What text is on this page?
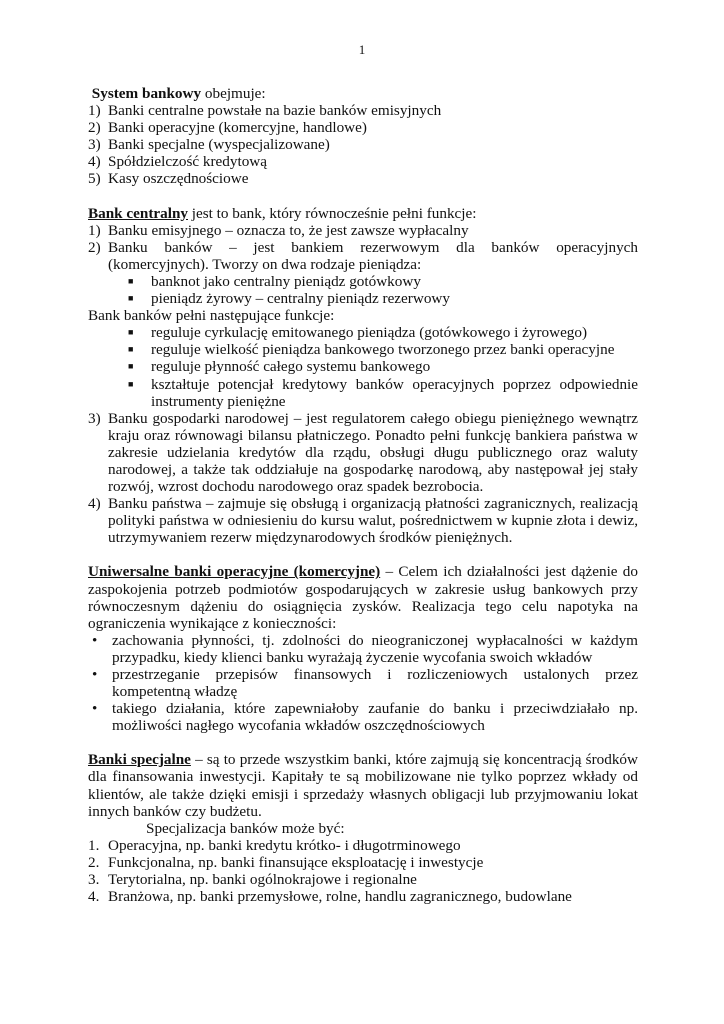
1

System bankowy obejmuje:

1) Banki centralne powstałe na bazie banków emisyjnych

2) Banki operacyjne (komercyjne, handlowe)

3) Banki specjalne (wyspecjalizowane)

4) Spółdzielczość kredytową

5) Kasy oszczędnościowe

Bank centralny jest to bank, który równocześnie pełni funkcje:

1) Banku emisyjnego – oznacza to, że jest zawsze wypłacalny

2) Banku banków – jest bankiem rezerwowym dla banków operacyjnych (komercyjnych). Tworzy on dwa rodzaje pieniądza:

■ banknot jako centralny pieniądz gotówkowy

■ pieniądz żyrowy – centralny pieniądz rezerwowy

Bank banków pełni następujące funkcje:

■ reguluje cyrkulację emitowanego pieniądza (gotówkowego i żyrowego)

■ reguluje wielkość pieniądza bankowego tworzonego przez banki operacyjne

■ reguluje płynność całego systemu bankowego

■ kształtuje potencjał kredytowy banków operacyjnych poprzez odpowiednie instrumenty pieniężne

3) Banku gospodarki narodowej – jest regulatorem całego obiegu pieniężnego wewnątrz kraju oraz równowagi bilansu płatniczego. Ponadto pełni funkcję bankiera państwa w zakresie udzielania kredytów dla rządu, obsługi długu publicznego oraz waluty narodowej, a także tak oddziałuje na gospodarkę narodową, aby następował jej stały rozwój, wzrost dochodu narodowego oraz spadek bezrobocia.

4) Banku państwa – zajmuje się obsługą i organizacją płatności zagranicznych, realizacją polityki państwa w odniesieniu do kursu walut, pośrednictwem w kupnie złota i dewiz, utrzymywaniem rezerw międzynarodowych środków pieniężnych.

Uniwersalne banki operacyjne (komercyjne) – Celem ich działalności jest dążenie do zaspokojenia potrzeb podmiotów gospodarujących w zakresie usług bankowych przy równoczesnym dążeniu do osiągnięcia zysków. Realizacja tego celu napotyka na ograniczenia wynikające z konieczności:

• zachowania płynności, tj. zdolności do nieograniczonej wypłacalności w każdym przypadku, kiedy klienci banku wyrażają życzenie wycofania swoich wkładów

• przestrzeganie przepisów finansowych i rozliczeniowych ustalonych przez kompetentną władzę

• takiego działania, które zapewniałoby zaufanie do banku i przeciwdziałało np. możliwości nagłego wycofania wkładów oszczędnościowych

Banki specjalne – są to przede wszystkim banki, które zajmują się koncentracją środków dla finansowania inwestycji. Kapitały te są mobilizowane nie tylko poprzez wkłady od klientów, ale także dzięki emisji i sprzedaży własnych obligacji lub przyjmowaniu lokat innych banków czy budżetu.

Specjalizacja banków może być:

1. Operacyjna, np. banki kredytu krótko- i długotrminowego

2. Funkcjonalna, np. banki finansujące eksploatację i inwestycje

3. Terytorialna, np. banki ogólnokrajowe i regionalne

4. Branżowa, np. banki przemysłowe, rolne, handlu zagranicznego, budowlane
